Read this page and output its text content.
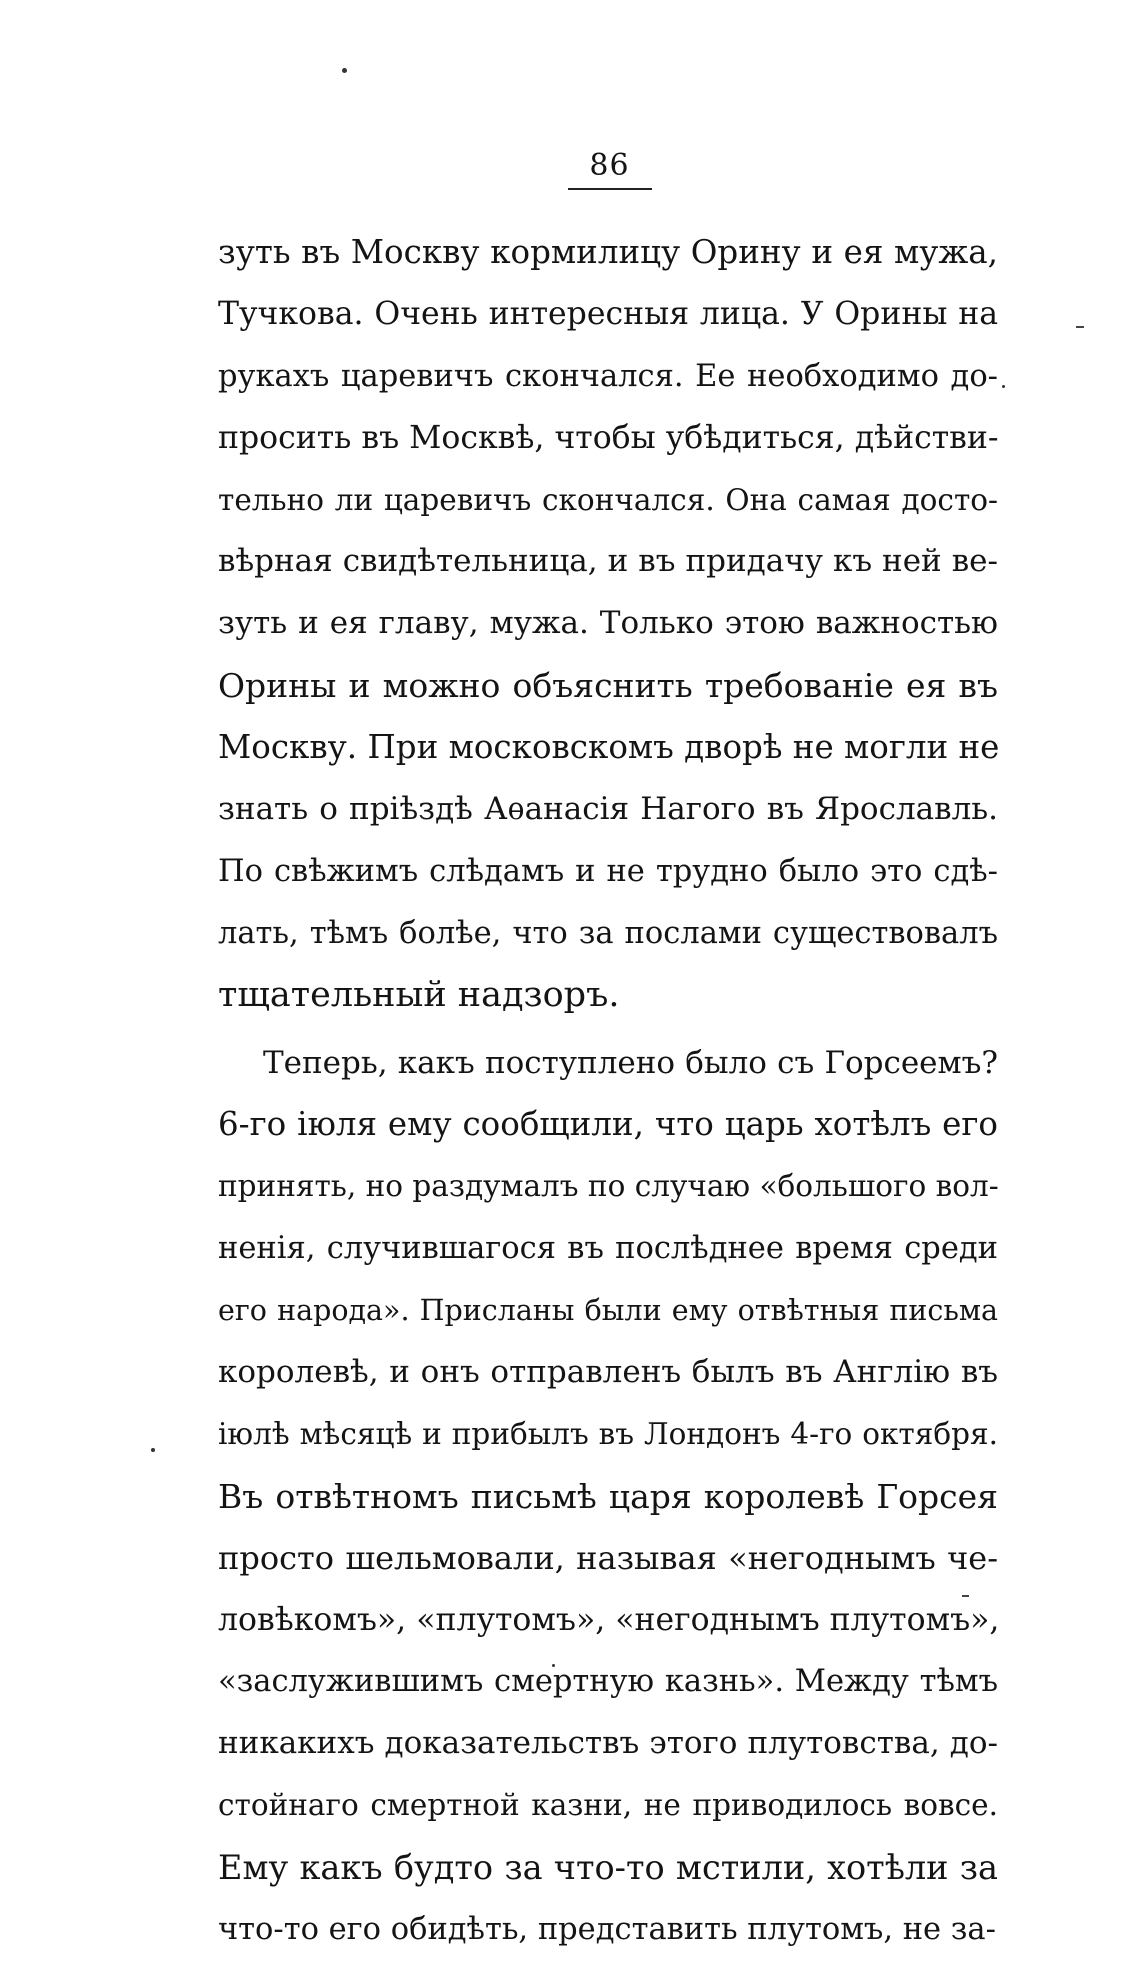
86
зуть въ Москву кормилицу Орину и ея мужа,
Тучкова. Очень интересныя лица. У Орины на
рукахъ царевичъ скончался. Ее необходимо до-
просить въ Москвѣ, чтобы убѣдиться, дѣйстви-
тельно ли царевичъ скончался. Она самая досто-
вѣрная свидѣтельница, и въ придачу къ ней ве-
зуть и ея главу, мужа. Только этою важностью
Орины и можно объяснить требованіе ея въ
Москву. При московскомъ дворѣ не могли не
знать о пріѣздѣ Аѳанасія Нагого въ Ярославль.
По свѣжимъ слѣдамъ и не трудно было это сдѣ-
лать, тѣмъ болѣе, что за послами существовалъ
тщательный надзоръ.
Теперь, какъ поступлено было съ Горсеемъ?
6-го іюля ему сообщили, что царь хотѣлъ его
принять, но раздумалъ по случаю «большого вол-
ненія, случившагося въ послѣднее время среди
его народа». Присланы были ему отвѣтныя письма
королевѣ, и онъ отправленъ былъ въ Англію въ
іюлѣ мѣсяцѣ и прибылъ въ Лондонъ 4-го октября.
Въ отвѣтномъ письмѣ царя королевѣ Горсея
просто шельмовали, называя «негоднымъ че-
ловѣкомъ», «плутомъ», «негоднымъ плутомъ»,
«заслужившимъ смертную казнь». Между тѣмъ
никакихъ доказательствъ этого плутовства, до-
стойнаго смертной казни, не приводилось вовсе.
Ему какъ будто за что-то мстили, хотѣли за
что-то его обидѣть, представить плутомъ, не за-
